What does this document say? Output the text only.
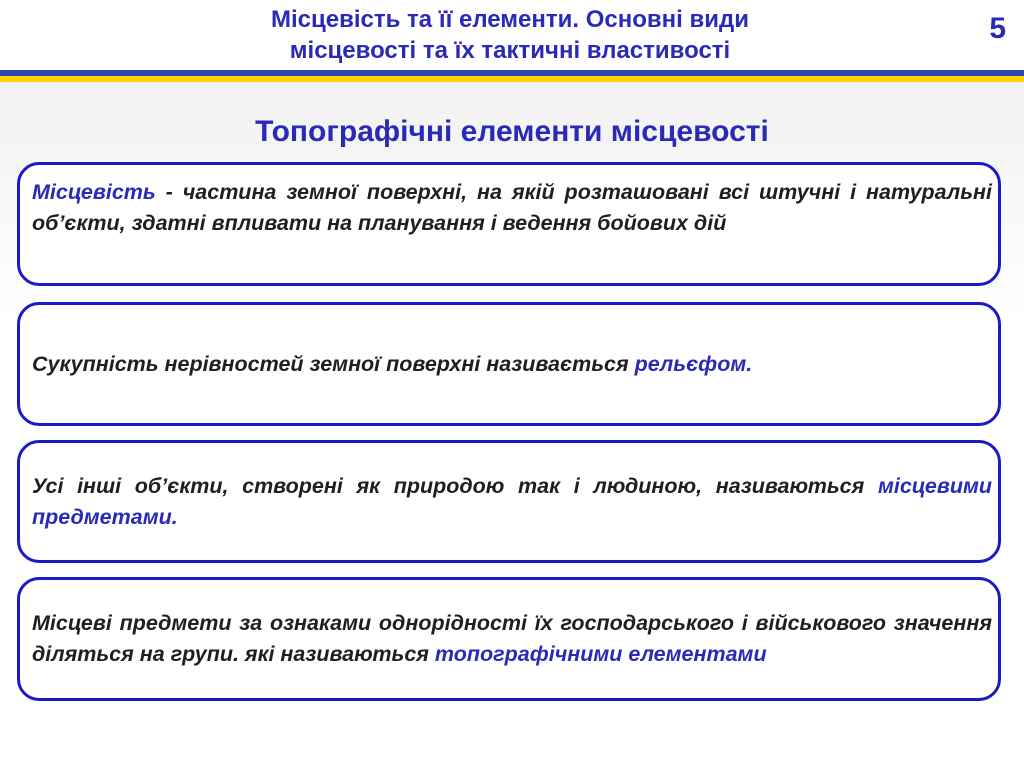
Місцевість та її елементи. Основні види
місцевості та їх тактичні властивості
5
Топографічні елементи місцевості

Місцевість - частина земної поверхні, на якій розташовані всі штучні і натуральні об’єкти, здатні впливати на планування і ведення бойових дій

Сукупність нерівностей земної поверхні називається рельєфом.

Усі інші об’єкти, створені як природою так і людиною, називаються місцевими предметами.

Місцеві предмети за ознаками однорідності їх господарського і військового значення діляться на групи. які називаються топографічними елементами
